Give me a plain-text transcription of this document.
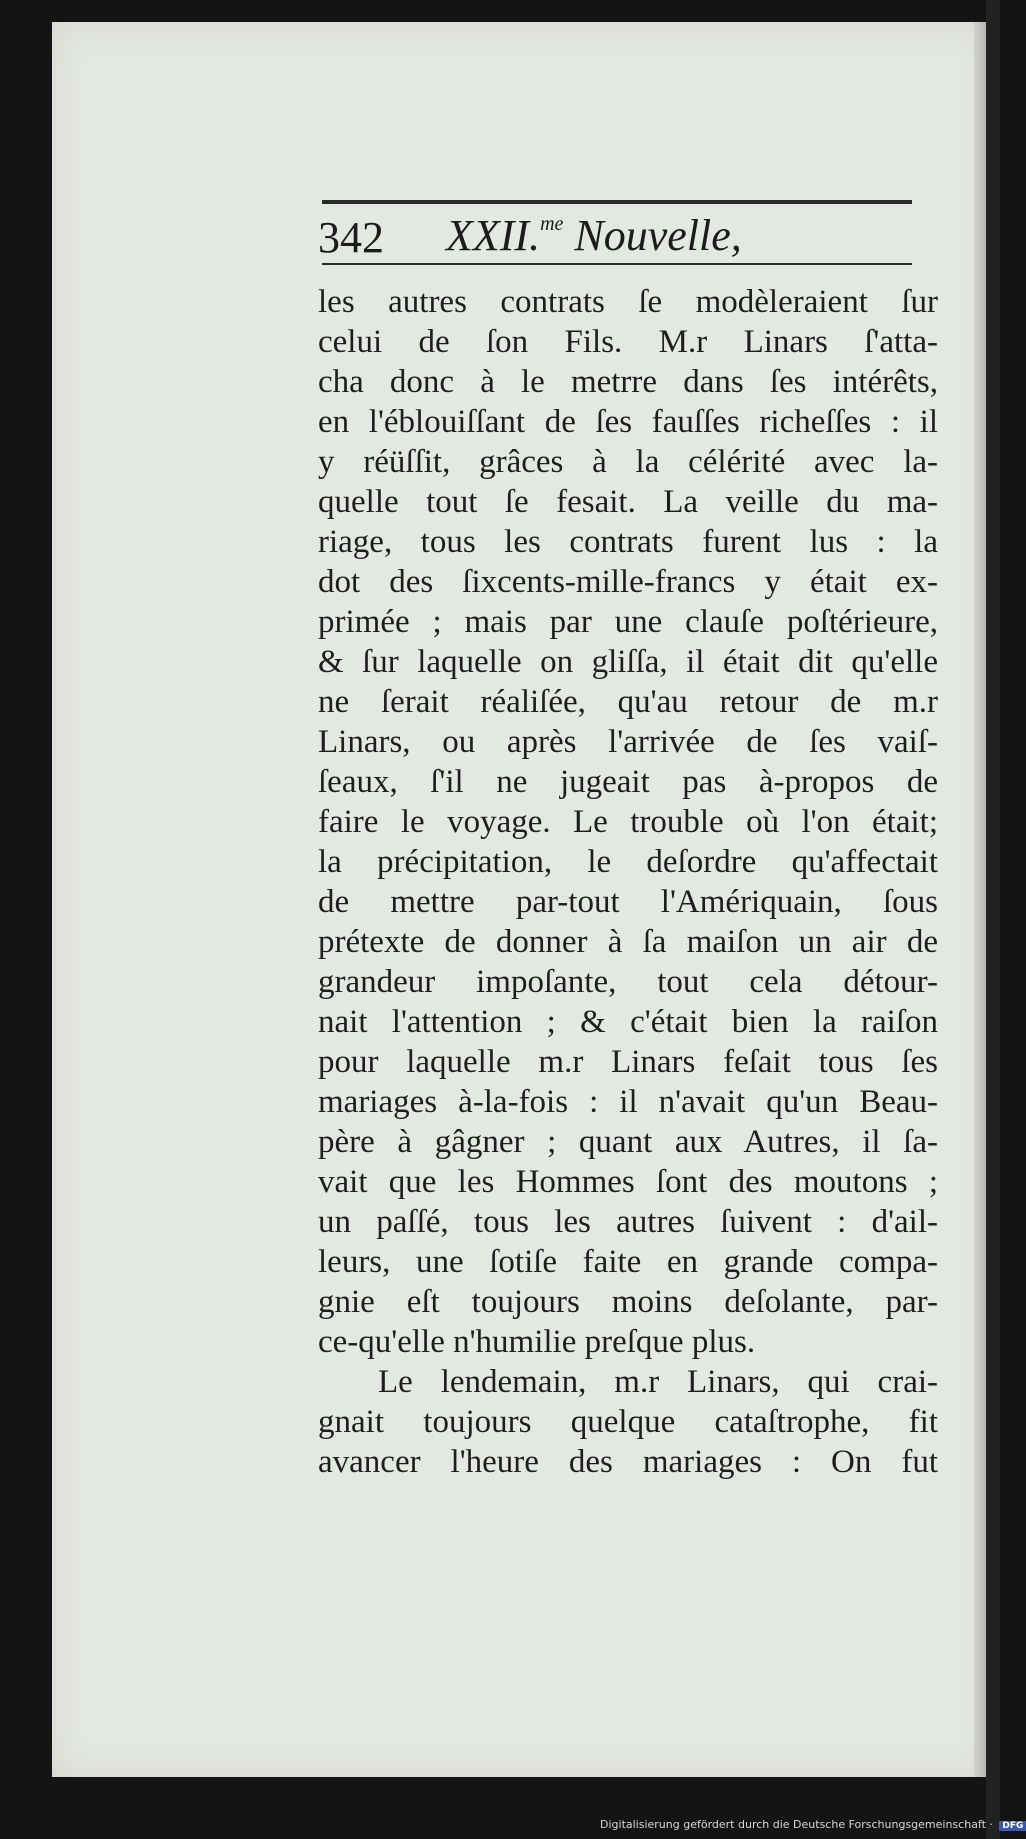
342 XXII.$^{me}$ Nouvelle,
les autres contrats ſe modèleraient ſur
celui de ſon Fils. M.r Linars ſ'atta-
cha donc à le metrre dans ſes intérêts,
en l'éblouiſſant de ſes fauſſes richeſſes : il
y réüſſit, grâces à la célérité avec la-
quelle tout ſe fesait. La veille du ma-
riage, tous les contrats furent lus : la
dot des ſixcents-mille-francs y était ex-
primée ; mais par une clauſe poſtérieure,
& ſur laquelle on gliſſa, il était dit qu'elle
ne ſerait réaliſée, qu'au retour de m.r
Linars, ou après l'arrivée de ſes vaiſ-
ſeaux, ſ'il ne jugeait pas à-propos de
faire le voyage. Le trouble où l'on était;
la précipitation, le deſordre qu'affectait
de mettre par-tout l'Amériquain, ſous
prétexte de donner à ſa maiſon un air de
grandeur impoſante, tout cela détour-
nait l'attention ; & c'était bien la raiſon
pour laquelle m.r Linars feſait tous ſes
mariages à-la-fois : il n'avait qu'un Beau-
père à gâgner ; quant aux Autres, il ſa-
vait que les Hommes ſont des moutons ;
un paſſé, tous les autres ſuivent : d'ail-
leurs, une ſotiſe faite en grande compa-
gnie eſt toujours moins deſolante, par-
ce-qu'elle n'humilie preſque plus.
Le lendemain, m.r Linars, qui crai-
gnait toujours quelque cataſtrophe, fit
avancer l'heure des mariages : On fut
Digitalisierung gefördert durch die Deutsche Forschungsgemeinschaft · DFG
